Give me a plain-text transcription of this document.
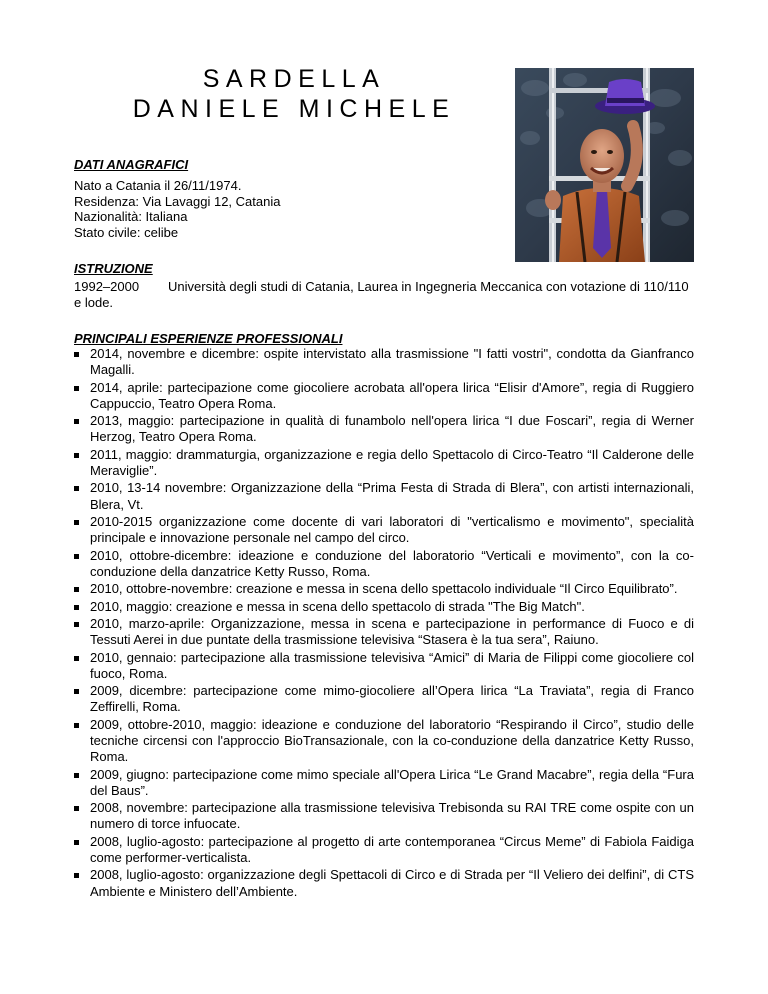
SARDELLA
DANIELE MICHELE
DATI ANAGRAFICI
Nato a Catania il 26/11/1974.
Residenza: Via Lavaggi 12, Catania
Nazionalità: Italiana
Stato civile: celibe
ISTRUZIONE
1992–2000 Università degli studi di Catania, Laurea in Ingegneria Meccanica con votazione di 110/110 e lode.
PRINCIPALI ESPERIENZE PROFESSIONALI
2014, novembre e dicembre: ospite intervistato alla trasmissione "I fatti vostri", condotta da Gianfranco Magalli.
2014, aprile: partecipazione come giocoliere acrobata all'opera lirica “Elisir d'Amore”, regia di Ruggiero Cappuccio, Teatro Opera Roma.
2013, maggio: partecipazione in qualità di funambolo nell'opera lirica “I due Foscari”, regia di Werner Herzog, Teatro Opera Roma.
2011, maggio: drammaturgia, organizzazione e regia dello Spettacolo di Circo-Teatro “Il Calderone delle Meraviglie”.
2010, 13-14 novembre: Organizzazione della “Prima Festa di Strada di Blera”, con artisti internazionali, Blera, Vt.
2010-2015 organizzazione come docente di vari laboratori di "verticalismo e movimento", specialità principale e innovazione personale nel campo del circo.
2010, ottobre-dicembre: ideazione e conduzione del laboratorio “Verticali e movimento”, con la co-conduzione della danzatrice Ketty Russo, Roma.
2010, ottobre-novembre: creazione e messa in scena dello spettacolo individuale “Il Circo Equilibrato”.
2010, maggio: creazione e messa in scena dello spettacolo di strada "The Big Match".
2010, marzo-aprile: Organizzazione, messa in scena e partecipazione in performance di Fuoco e di Tessuti Aerei in due puntate della trasmissione televisiva “Stasera è la tua sera”, Raiuno.
2010, gennaio: partecipazione alla trasmissione televisiva “Amici” di Maria de Filippi come giocoliere col fuoco, Roma.
2009, dicembre: partecipazione come mimo-giocoliere all’Opera lirica “La Traviata”, regia di Franco Zeffirelli, Roma.
2009, ottobre-2010, maggio: ideazione e conduzione del laboratorio “Respirando il Circo”, studio delle tecniche circensi con l'approccio BioTransazionale, con la co-conduzione della danzatrice Ketty Russo, Roma.
2009, giugno: partecipazione come mimo speciale all'Opera Lirica “Le Grand Macabre”, regia della “Fura del Baus”.
2008, novembre: partecipazione alla trasmissione televisiva Trebisonda su RAI TRE come ospite con un numero di torce infuocate.
2008, luglio-agosto: partecipazione al progetto di arte contemporanea “Circus Meme” di Fabiola Faidiga come performer-verticalista.
2008, luglio-agosto: organizzazione degli Spettacoli di Circo e di Strada per “Il Veliero dei delfini”, di CTS Ambiente e Ministero dell’Ambiente.
